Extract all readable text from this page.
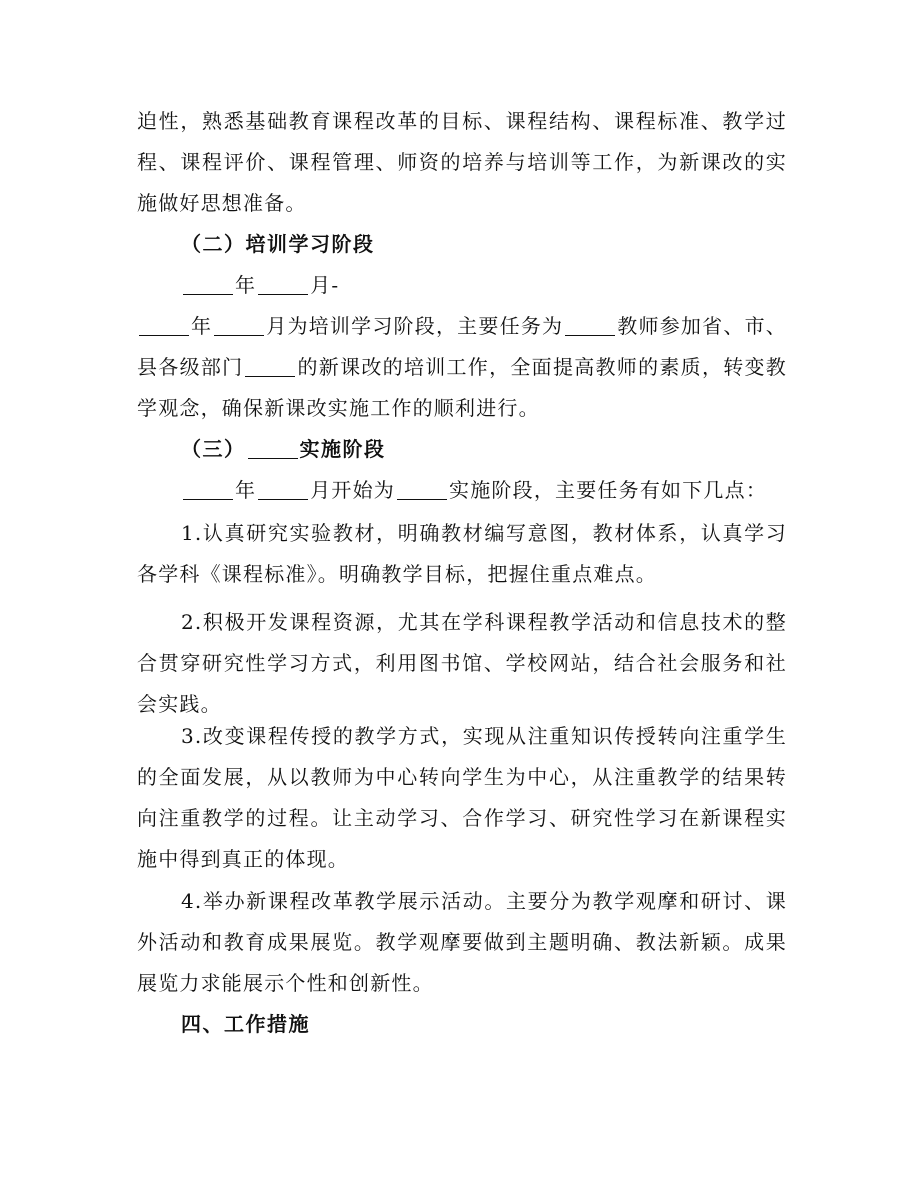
迫性，熟悉基础教育课程改革的目标、课程结构、课程标准、教学过程、课程评价、课程管理、师资的培养与培训等工作，为新课改的实施做好思想准备。

（二）培训学习阶段

年	月-

年	月为培训学习阶段，主要任务为	教师参加省、市、县各级部门	的新课改的培训工作，全面提高教师的素质，转变教学观念，确保新课改实施工作的顺利进行。

（三）	实施阶段

年	月开始为	实施阶段，主要任务有如下几点：

1.认真研究实验教材，明确教材编写意图，教材体系，认真学习各学科《课程标准》。明确教学目标，把握住重点难点。

2.积极开发课程资源，尤其在学科课程教学活动和信息技术的整合贯穿研究性学习方式，利用图书馆、学校网站，结合社会服务和社会实践。

3.改变课程传授的教学方式，实现从注重知识传授转向注重学生的全面发展，从以教师为中心转向学生为中心，从注重教学的结果转向注重教学的过程。让主动学习、合作学习、研究性学习在新课程实施中得到真正的体现。

4.举办新课程改革教学展示活动。主要分为教学观摩和研讨、课外活动和教育成果展览。教学观摩要做到主题明确、教法新颖。成果展览力求能展示个性和创新性。

四、工作措施
